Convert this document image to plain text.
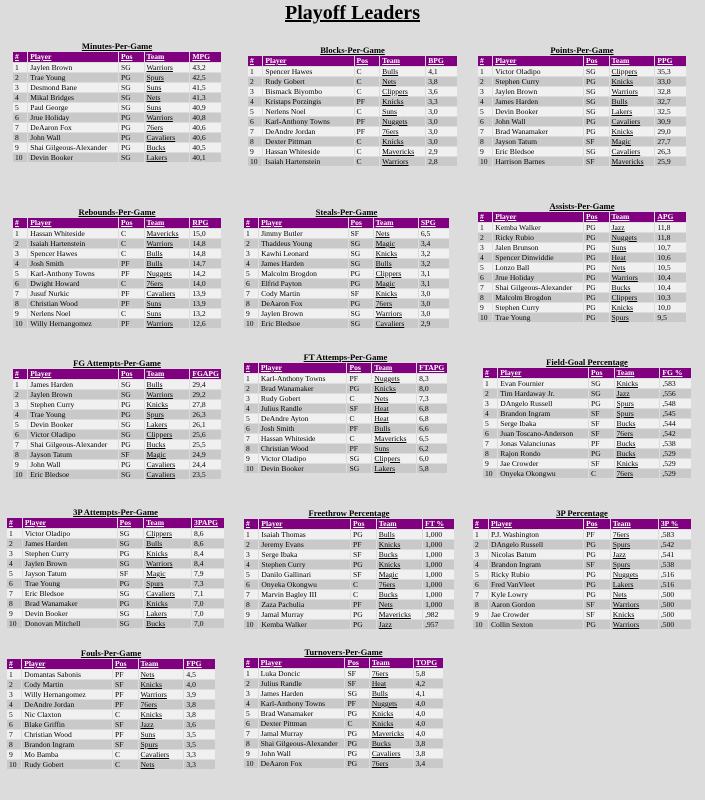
Playoff Leaders
Minutes-Per-Game
#	Player	Pos	Team	MPG
1	Jaylen Brown	SG	Warriors	43,2
2	Trae Young	PG	Spurs	42,5
3	Desmond Bane	SG	Suns	41,5
4	Mikal Bridges	SG	Nets	41,3
5	Paul George	SG	Suns	40,9
6	Jrue Holiday	PG	Warriors	40,8
7	DeAaron Fox	PG	76ers	40,6
8	John Wall	PG	Cavaliers	40,6
9	Shai Gilgeous-Alexander	PG	Bucks	40,5
10	Devin Booker	SG	Lakers	40,1
Blocks-Per-Game
#	Player	Pos	Team	BPG
1	Spencer Hawes	C	Bulls	4,1
2	Rudy Gobert	C	Nets	3,8
3	Bismack Biyombo	C	Clippers	3,6
4	Kristaps Porzingis	PF	Knicks	3,3
5	Nerlens Noel	C	Suns	3,0
6	Karl-Anthony Towns	PF	Nuggets	3,0
7	DeAndre Jordan	PF	76ers	3,0
8	Dexter Pittman	C	Knicks	3,0
9	Hassan Whiteside	C	Mavericks	2,9
10	Isaiah Hartenstein	C	Warriors	2,8
Points-Per-Game
#	Player	Pos	Team	PPG
1	Victor Oladipo	SG	Clippers	35,3
2	Stephen Curry	PG	Knicks	33,0
3	Jaylen Brown	SG	Warriors	32,8
4	James Harden	SG	Bulls	32,7
5	Devin Booker	SG	Lakers	32,5
6	John Wall	PG	Cavaliers	30,9
7	Brad Wanamaker	PG	Knicks	29,0
8	Jayson Tatum	SF	Magic	27,7
9	Eric Bledsoe	SG	Cavaliers	26,3
10	Harrison Barnes	SF	Mavericks	25,9
Rebounds-Per-Game
#	Player	Pos	Team	RPG
1	Hassan Whiteside	C	Mavericks	15,0
2	Isaiah Hartenstein	C	Warriors	14,8
3	Spencer Hawes	C	Bulls	14,8
4	Josh Smith	PF	Bulls	14,7
5	Karl-Anthony Towns	PF	Nuggets	14,2
6	Dwight Howard	C	76ers	14,0
7	Jusuf Nurkic	PF	Cavaliers	13,9
8	Christian Wood	PF	Suns	13,9
9	Nerlens Noel	C	Suns	13,2
10	Willy Hernangomez	PF	Warriors	12,6
Steals-Per-Game
#	Player	Pos	Team	SPG
1	Jimmy Butler	SF	Nets	6,5
2	Thaddeus Young	SG	Magic	3,4
3	Kawhi Leonard	SG	Knicks	3,2
4	James Harden	SG	Bulls	3,2
5	Malcolm Brogdon	PG	Clippers	3,1
6	Elfrid Payton	PG	Magic	3,1
7	Cody Martin	SF	Knicks	3,0
8	DeAaron Fox	PG	76ers	3,0
9	Jaylen Brown	SG	Warriors	3,0
10	Eric Bledsoe	SG	Cavaliers	2,9
Assists-Per-Game
#	Player	Pos	Team	APG
1	Kemba Walker	PG	Jazz	11,8
2	Ricky Rubio	PG	Nuggets	11,8
3	Jalen Brunson	PG	Suns	10,7
4	Spencer Dinwiddie	PG	Heat	10,6
5	Lonzo Ball	PG	Nets	10,5
6	Jrue Holiday	PG	Warriors	10,4
7	Shai Gilgeous-Alexander	PG	Bucks	10,4
8	Malcolm Brogdon	PG	Clippers	10,3
9	Stephen Curry	PG	Knicks	10,0
10	Trae Young	PG	Spurs	9,5
FG Attempts-Per-Game
#	Player	Pos	Team	FGAPG
1	James Harden	SG	Bulls	29,4
2	Jaylen Brown	SG	Warriors	29,2
3	Stephen Curry	PG	Knicks	27,8
4	Trae Young	PG	Spurs	26,3
5	Devin Booker	SG	Lakers	26,1
6	Victor Oladipo	SG	Clippers	25,6
7	Shai Gilgeous-Alexander	PG	Bucks	25,5
8	Jayson Tatum	SF	Magic	24,9
9	John Wall	PG	Cavaliers	24,4
10	Eric Bledsoe	SG	Cavaliers	23,5
FT Attemps-Per-Game
#	Player	Pos	Team	FTAPG
1	Karl-Anthony Towns	PF	Nuggets	8,3
2	Brad Wanamaker	PG	Knicks	8,0
3	Rudy Gobert	C	Nets	7,3
4	Julius Randle	SF	Heat	6,8
5	DeAndre Ayton	C	Heat	6,8
6	Josh Smith	PF	Bulls	6,6
7	Hassan Whiteside	C	Mavericks	6,5
8	Christian Wood	PF	Suns	6,2
9	Victor Oladipo	SG	Clippers	6,0
10	Devin Booker	SG	Lakers	5,8
Field-Goal Percentage
#	Player	Pos	Team	FG %
1	Evan Fournier	SG	Knicks	,583
2	Tim Hardaway Jr.	SG	Jazz	,556
3	DAngelo Russell	PG	Spurs	,548
4	Brandon Ingram	SF	Spurs	,545
5	Serge Ibaka	SF	Bucks	,544
6	Juan Toscano-Anderson	SF	76ers	,542
7	Jonas Valanciunas	PF	Bucks	,538
8	Rajon Rondo	PG	Bucks	,529
9	Jae Crowder	SF	Knicks	,529
10	Onyeka Okongwu	C	76ers	,529
3P Attempts-Per-Game
#	Player	Pos	Team	3PAPG
1	Victor Oladipo	SG	Clippers	8,6
2	James Harden	SG	Bulls	8,6
3	Stephen Curry	PG	Knicks	8,4
4	Jaylen Brown	SG	Warriors	8,4
5	Jayson Tatum	SF	Magic	7,9
6	Trae Young	PG	Spurs	7,3
7	Eric Bledsoe	SG	Cavaliers	7,1
8	Brad Wanamaker	PG	Knicks	7,0
9	Devin Booker	SG	Lakers	7,0
10	Donovan Mitchell	SG	Bucks	7,0
Freethrow Percentage
#	Player	Pos	Team	FT %
1	Isaiah Thomas	PG	Bulls	1,000
2	Jeremy Evans	PF	Knicks	1,000
3	Serge Ibaka	SF	Bucks	1,000
4	Stephen Curry	PG	Knicks	1,000
5	Danilo Gallinari	SF	Magic	1,000
6	Onyeka Okongwu	C	76ers	1,000
7	Marvin Bagley III	C	Bucks	1,000
8	Zaza Pachulia	PF	Nets	1,000
9	Jamal Murray	PG	Mavericks	,982
10	Kemba Walker	PG	Jazz	,957
3P Percentage
#	Player	Pos	Team	3P %
1	P.J. Washington	PF	76ers	,583
2	DAngelo Russell	PG	Spurs	,542
3	Nicolas Batum	PG	Jazz	,541
4	Brandon Ingram	SF	Spurs	,538
5	Ricky Rubio	PG	Nuggets	,516
6	Fred VanVleet	PG	Lakers	,516
7	Kyle Lowry	PG	Nets	,500
8	Aaron Gordon	SF	Warriors	,500
9	Jae Crowder	SF	Knicks	,500
10	Collin Sexton	PG	Warriors	,500
Fouls-Per-Game
#	Player	Pos	Team	FPG
1	Domantas Sabonis	PF	Nets	4,5
2	Cody Martin	SF	Knicks	4,0
3	Willy Hernangomez	PF	Warriors	3,9
4	DeAndre Jordan	PF	76ers	3,8
5	Nic Claxton	C	Knicks	3,8
6	Blake Griffin	SF	Jazz	3,6
7	Christian Wood	PF	Suns	3,5
8	Brandon Ingram	SF	Spurs	3,5
9	Mo Bamba	C	Cavaliers	3,3
10	Rudy Gobert	C	Nets	3,3
Turnovers-Per-Game
#	Player	Pos	Team	TOPG
1	Luka Doncic	SF	76ers	5,8
2	Julius Randle	SF	Heat	4,2
3	James Harden	SG	Bulls	4,1
4	Karl-Anthony Towns	PF	Nuggets	4,0
5	Brad Wanamaker	PG	Knicks	4,0
6	Dexter Pittman	C	Knicks	4,0
7	Jamal Murray	PG	Mavericks	4,0
8	Shai Gilgeous-Alexander	PG	Bucks	3,8
9	John Wall	PG	Cavaliers	3,8
10	DeAaron Fox	PG	76ers	3,4
